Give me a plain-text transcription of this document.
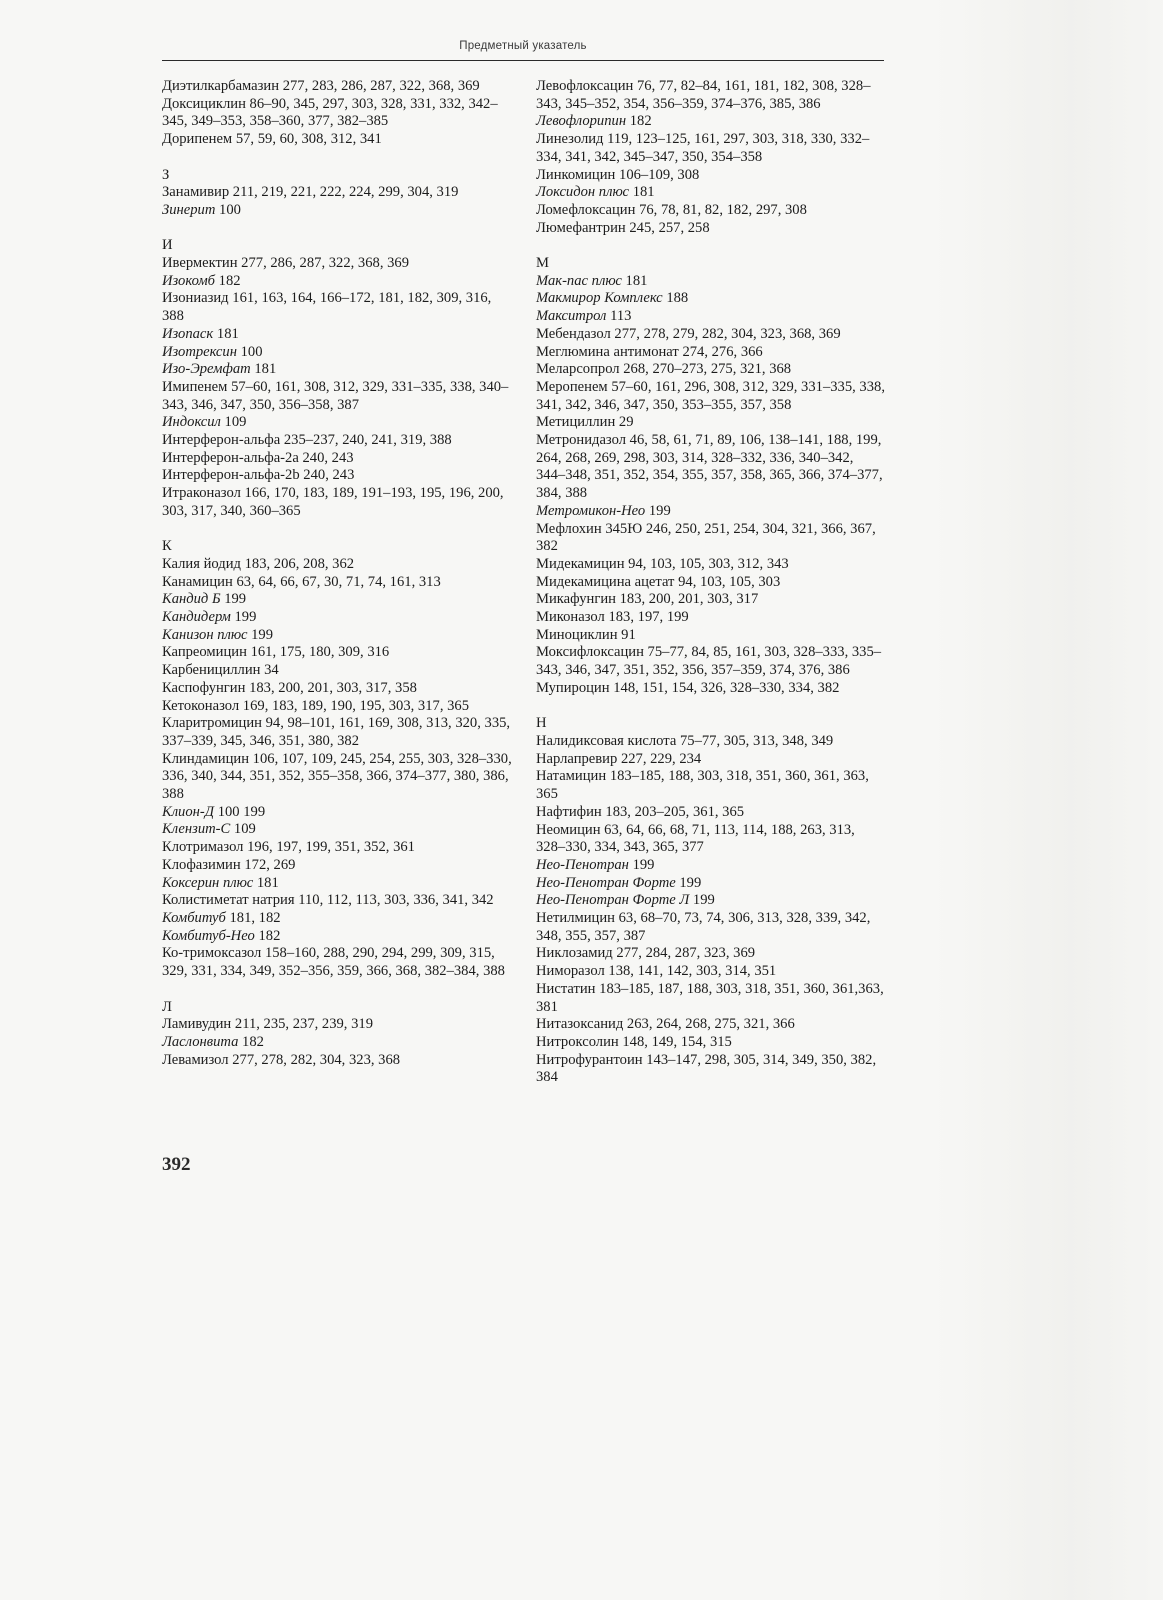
Предметный указатель

Диэтилкарбамазин 277, 283, 286, 287, 322, 368, 369

Доксициклин 86–90, 345, 297, 303, 328, 331, 332, 342–345, 349–353, 358–360, 377, 382–385

Дорипенем 57, 59, 60, 308, 312, 341

З

Занамивир 211, 219, 221, 222, 224, 299, 304, 319

Зинерит 100

И

Ивермектин 277, 286, 287, 322, 368, 369

Изокомб 182

Изониазид 161, 163, 164, 166–172, 181, 182, 309, 316, 388

Изопаск 181

Изотрексин 100

Изо-Эремфат 181

Имипенем 57–60, 161, 308, 312, 329, 331–335, 338, 340–343, 346, 347, 350, 356–358, 387

Индоксил 109

Интерферон-альфа 235–237, 240, 241, 319, 388

Интерферон-альфа-2а 240, 243

Интерферон-альфа-2b 240, 243

Итраконазол 166, 170, 183, 189, 191–193, 195, 196, 200, 303, 317, 340, 360–365

К

Калия йодид 183, 206, 208, 362

Канамицин 63, 64, 66, 67, 30, 71, 74, 161, 313

Кандид Б 199

Кандидерм 199

Канизон плюс 199

Капреомицин 161, 175, 180, 309, 316

Карбенициллин 34

Каспофунгин 183, 200, 201, 303, 317, 358

Кетоконазол 169, 183, 189, 190, 195, 303, 317, 365

Кларитромицин 94, 98–101, 161, 169, 308, 313, 320, 335, 337–339, 345, 346, 351, 380, 382

Клиндамицин 106, 107, 109, 245, 254, 255, 303, 328–330, 336, 340, 344, 351, 352, 355–358, 366, 374–377, 380, 386, 388

Клион-Д 100 199

Клензит-С 109

Клотримазол 196, 197, 199, 351, 352, 361

Клофазимин 172, 269

Коксерин плюс 181

Колистиметат натрия 110, 112, 113, 303, 336, 341, 342

Комбитуб 181, 182

Комбитуб-Нео 182

Ко-тримоксазол 158–160, 288, 290, 294, 299, 309, 315, 329, 331, 334, 349, 352–356, 359, 366, 368, 382–384, 388

Л

Ламивудин 211, 235, 237, 239, 319

Ласлонвита 182

Левамизол 277, 278, 282, 304, 323, 368

Левофлоксацин 76, 77, 82–84, 161, 181, 182, 308, 328–343, 345–352, 354, 356–359, 374–376, 385, 386

Левофлорипин 182

Линезолид 119, 123–125, 161, 297, 303, 318, 330, 332–334, 341, 342, 345–347, 350, 354–358

Линкомицин 106–109, 308

Локсидон плюс 181

Ломефлоксацин 76, 78, 81, 82, 182, 297, 308

Люмефантрин 245, 257, 258

М

Мак-пас плюс 181

Макмирор Комплекс 188

Макситрол 113

Мебендазол 277, 278, 279, 282, 304, 323, 368, 369

Меглюмина антимонат 274, 276, 366

Меларсопрол 268, 270–273, 275, 321, 368

Меропенем 57–60, 161, 296, 308, 312, 329, 331–335, 338, 341, 342, 346, 347, 350, 353–355, 357, 358

Метициллин 29

Метронидазол 46, 58, 61, 71, 89, 106, 138–141, 188, 199, 264, 268, 269, 298, 303, 314, 328–332, 336, 340–342, 344–348, 351, 352, 354, 355, 357, 358, 365, 366, 374–377, 384, 388

Метромикон-Нео 199

Мефлохин 345Ю 246, 250, 251, 254, 304, 321, 366, 367, 382

Мидекамицин 94, 103, 105, 303, 312, 343

Мидекамицина ацетат 94, 103, 105, 303

Микафунгин 183, 200, 201, 303, 317

Миконазол 183, 197, 199

Миноциклин 91

Моксифлоксацин 75–77, 84, 85, 161, 303, 328–333, 335–343, 346, 347, 351, 352, 356, 357–359, 374, 376, 386

Мупироцин 148, 151, 154, 326, 328–330, 334, 382

Н

Налидиксовая кислота 75–77, 305, 313, 348, 349

Нарлапревир 227, 229, 234

Натамицин 183–185, 188, 303, 318, 351, 360, 361, 363, 365

Нафтифин 183, 203–205, 361, 365

Неомицин 63, 64, 66, 68, 71, 113, 114, 188, 263, 313, 328–330, 334, 343, 365, 377

Нео-Пенотран 199

Нео-Пенотран Форте 199

Нео-Пенотран Форте Л 199

Нетилмицин 63, 68–70, 73, 74, 306, 313, 328, 339, 342, 348, 355, 357, 387

Никлозамид 277, 284, 287, 323, 369

Ниморазол 138, 141, 142, 303, 314, 351

Нистатин 183–185, 187, 188, 303, 318, 351, 360, 361,363, 381

Нитазоксанид 263, 264, 268, 275, 321, 366

Нитроксолин 148, 149, 154, 315

Нитрофурантоин 143–147, 298, 305, 314, 349, 350, 382, 384

392
